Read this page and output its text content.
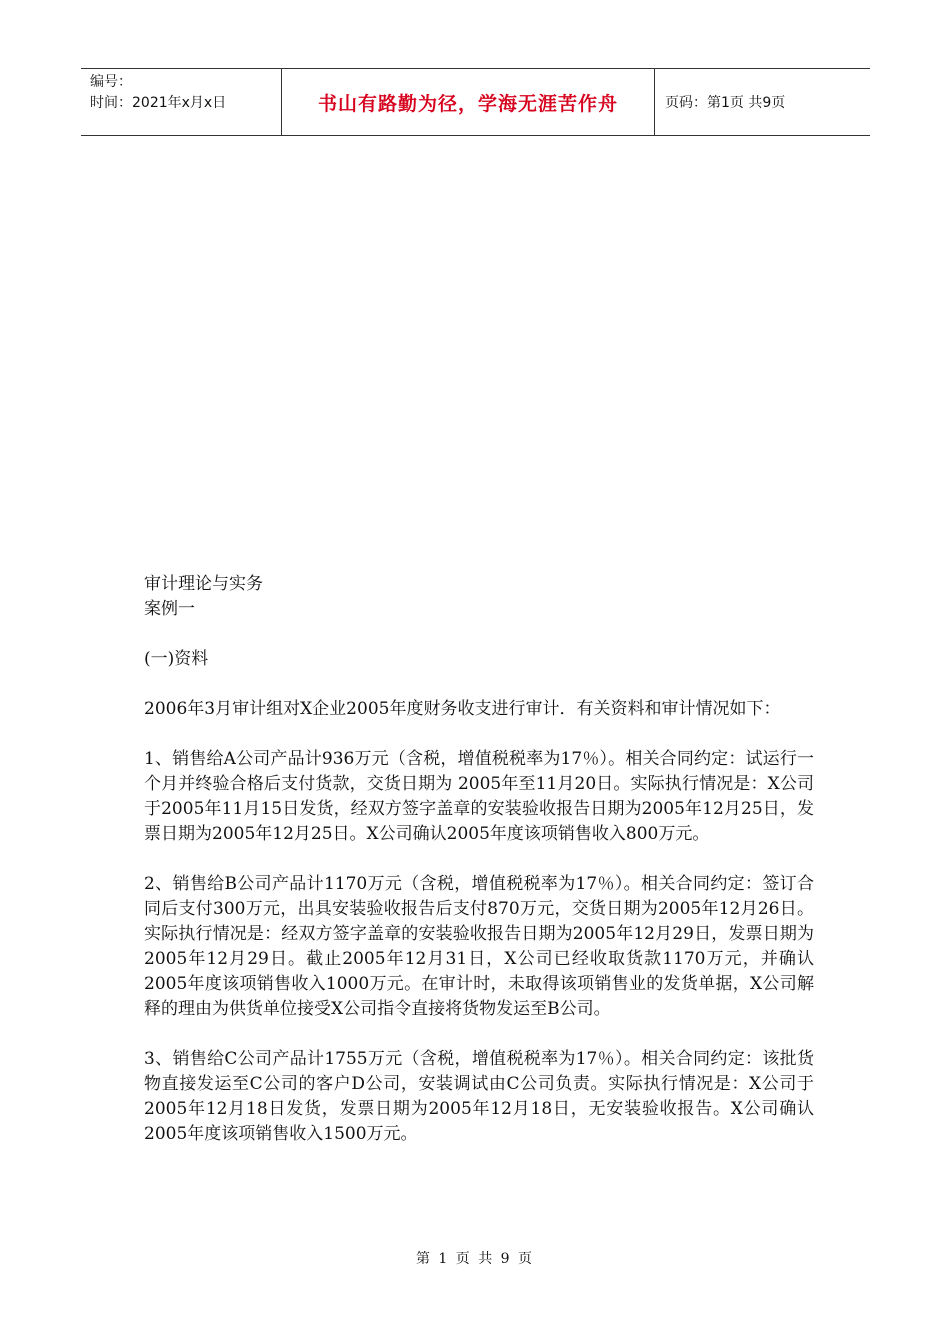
编号：
时间：2021年x月x日	书山有路勤为径，学海无涯苦作舟	页码：第1页 共9页
审计理论与实务
案例一
(一)资料

2006年3月审计组对X企业2005年度财务收支进行审计．有关资料和审计情况如下：

1、销售给A公司产品计936万元（含税，增值税税率为17％）。相关合同约定：试运行一个月并终验合格后支付货款，交货日期为 2005年至11月20日。实际执行情况是：X公司于2005年11月15日发货，经双方签字盖章的安装验收报告日期为2005年12月25日，发票日期为2005年12月25日。X公司确认2005年度该项销售收入800万元。

2、销售给B公司产品计1170万元（含税，增值税税率为17％）。相关合同约定：签订合同后支付300万元，出具安装验收报告后支付870万元，交货日期为2005年12月26日。实际执行情况是：经双方签字盖章的安装验收报告日期为2005年12月29日，发票日期为2005年12月29日。截止2005年12月31日，X公司已经收取货款1170万元，并确认2005年度该项销售收入1000万元。在审计时，未取得该项销售业的发货单据，X公司解释的理由为供货单位接受X公司指令直接将货物发运至B公司。

3、销售给C公司产品计1755万元（含税，增值税税率为17％）。相关合同约定：该批货物直接发运至C公司的客户D公司，安装调试由C公司负责。实际执行情况是：X公司于2005年12月18日发货，发票日期为2005年12月18日，无安装验收报告。X公司确认2005年度该项销售收入1500万元。

第 1 页 共 9 页
